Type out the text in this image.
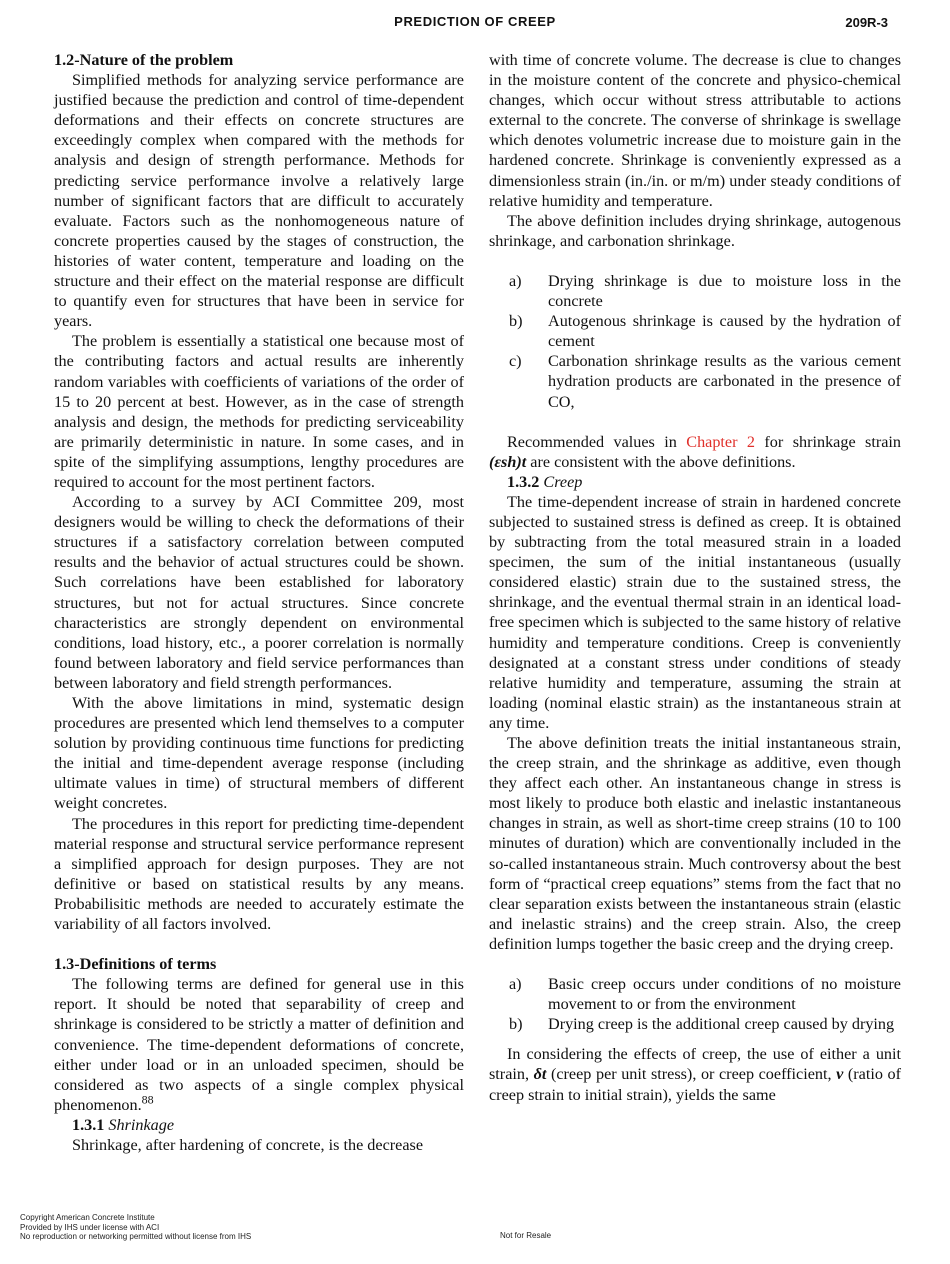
PREDICTION OF CREEP	209R-3
1.2-Nature of the problem

Simplified methods for analyzing service performance are justified because the prediction and control of time-dependent deformations and their effects on concrete structures are exceedingly complex when compared with the methods for analysis and design of strength performance. Methods for predicting service performance involve a relatively large number of significant factors that are difficult to accurately evaluate. Factors such as the nonhomogeneous nature of concrete properties caused by the stages of construction, the histories of water content, temperature and loading on the structure and their effect on the material response are difficult to quantify even for structures that have been in service for years.

The problem is essentially a statistical one because most of the contributing factors and actual results are inherently random variables with coefficients of variations of the order of 15 to 20 percent at best. However, as in the case of strength analysis and design, the methods for predicting serviceability are primarily deterministic in nature. In some cases, and in spite of the simplifying assumptions, lengthy procedures are required to account for the most pertinent factors.

According to a survey by ACI Committee 209, most designers would be willing to check the deformations of their structures if a satisfactory correlation between computed results and the behavior of actual structures could be shown. Such correlations have been established for laboratory structures, but not for actual structures. Since concrete characteristics are strongly dependent on environmental conditions, load history, etc., a poorer correlation is normally found between laboratory and field service performances than between laboratory and field strength performances.

With the above limitations in mind, systematic design procedures are presented which lend themselves to a computer solution by providing continuous time functions for predicting the initial and time-dependent average response (including ultimate values in time) of structural members of different weight concretes.

The procedures in this report for predicting time-dependent material response and structural service performance represent a simplified approach for design purposes. They are not definitive or based on statistical results by any means. Probabilisitic methods are needed to accurately estimate the variability of all factors involved.

1.3-Definitions of terms

The following terms are defined for general use in this report. It should be noted that separability of creep and shrinkage is considered to be strictly a matter of definition and convenience. The time-dependent deformations of concrete, either under load or in an unloaded specimen, should be considered as two aspects of a single complex physical phenomenon.$^{88}$

1.3.1 Shrinkage

Shrinkage, after hardening of concrete, is the decrease

with time of concrete volume. The decrease is clue to changes in the moisture content of the concrete and physico-chemical changes, which occur without stress attributable to actions external to the concrete. The converse of shrinkage is swellage which denotes volumetric increase due to moisture gain in the hardened concrete. Shrinkage is conveniently expressed as a dimensionless strain (in./in. or m/m) under steady conditions of relative humidity and temperature.

The above definition includes drying shrinkage, autogenous shrinkage, and carbonation shrinkage.

a)	Drying shrinkage is due to moisture loss in the concrete
b)	Autogenous shrinkage is caused by the hydration of cement
c)	Carbonation shrinkage results as the various cement hydration products are carbonated in the presence of CO,

Recommended values in Chapter 2 for shrinkage strain (εsh)t are consistent with the above definitions.

1.3.2 Creep

The time-dependent increase of strain in hardened concrete subjected to sustained stress is defined as creep. It is obtained by subtracting from the total measured strain in a loaded specimen, the sum of the initial instantaneous (usually considered elastic) strain due to the sustained stress, the shrinkage, and the eventual thermal strain in an identical load-free specimen which is subjected to the same history of relative humidity and temperature conditions. Creep is conveniently designated at a constant stress under conditions of steady relative humidity and temperature, assuming the strain at loading (nominal elastic strain) as the instantaneous strain at any time.

The above definition treats the initial instantaneous strain, the creep strain, and the shrinkage as additive, even though they affect each other. An instantaneous change in stress is most likely to produce both elastic and inelastic instantaneous changes in strain, as well as short-time creep strains (10 to 100 minutes of duration) which are conventionally included in the so-called instantaneous strain. Much controversy about the best form of “practical creep equations” stems from the fact that no clear separation exists between the instantaneous strain (elastic and inelastic strains) and the creep strain. Also, the creep definition lumps together the basic creep and the drying creep.

a)	Basic creep occurs under conditions of no moisture movement to or from the environment
b)	Drying creep is the additional creep caused by drying

In considering the effects of creep, the use of either a unit strain, δt (creep per unit stress), or creep coefficient, ν (ratio of creep strain to initial strain), yields the same

Copyright American Concrete Institute
Provided by IHS under license with ACI
No reproduction or networking permitted without license from IHS	Not for Resale
